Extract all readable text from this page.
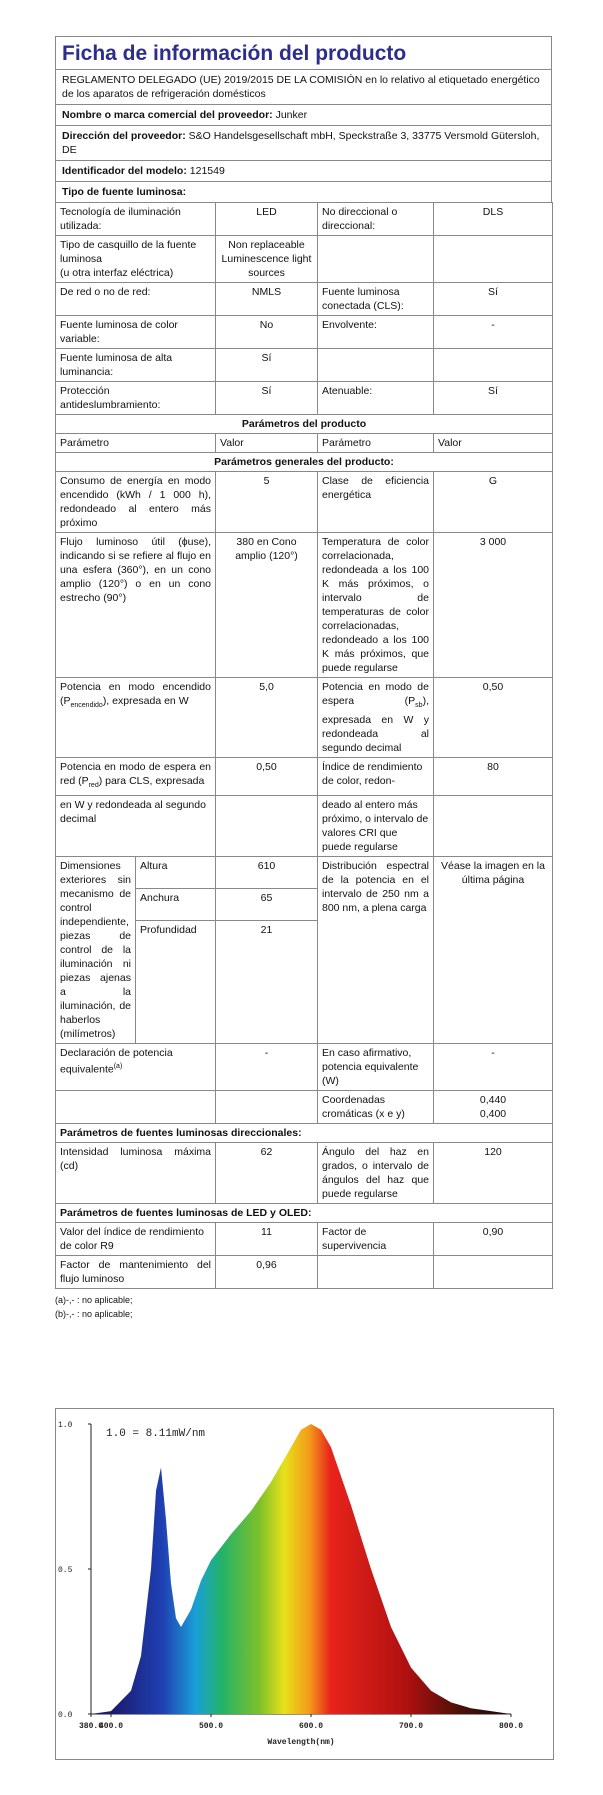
Ficha de información del producto
REGLAMENTO DELEGADO (UE) 2019/2015 DE LA COMISIÓN en lo relativo al etiquetado energético de los aparatos de refrigeración domésticos
Nombre o marca comercial del proveedor: Junker
Dirección del proveedor: S&O Handelsgesellschaft mbH, Speckstraße 3, 33775 Versmold Gütersloh, DE
Identificador del modelo: 121549
Tipo de fuente luminosa:
Tecnología de iluminación utilizada:		LED	No direccional o direccional:	DLS

Tipo de casquillo de la fuente luminosa
(u otra interfaz eléctrica)		Non replaceable Luminescence light sources		
De red o no de red:		NMLS	Fuente luminosa conectada (CLS):	Sí
Fuente luminosa de color variable:		No	Envolvente:	-
Fuente luminosa de alta luminancia:		Sí		
Protección antideslumbramiento:		Sí	Atenuable:	Sí
Parámetros del producto				
Parámetro		Valor	Parámetro	Valor
Parámetros generales del producto:				
Consumo de energía en modo encendido (kWh / 1 000 h), redondeado al entero más próximo		5	Clase de eficiencia energética	G
Flujo luminoso útil (ϕuse), indicando si se refiere al flujo en una esfera (360°), en un cono amplio (120°) o en un cono estrecho (90°)		380 en Cono amplio (120°)	Temperatura de color correlacionada, redondeada a los 100 K más próximos, o intervalo de temperaturas de color correlacionadas, redondeado a los 100 K más próximos, que puede regularse	3 000
Potencia en modo encendido $(P_{encendido})$, expresada en W		5,0	Potencia en modo de espera $(P_{sb})$, expresada en W y redondeada al segundo decimal	0,50
Potencia en modo de espera en red $(P_{red})$ para CLS, expresada		0,50	Índice de rendimiento de color, redon-	80
en W y redondeada al segundo decimal			deado al entero más próximo, o intervalo de valores CRI que puede regularse	
Dimensiones exteriores sin mecanismo de control independiente, piezas de control de la iluminación ni piezas ajenas a la iluminación, de haberlos (milímetros)	Altura	610	Distribución espectral de la potencia en el intervalo de 250 nm a 800 nm, a plena carga	Véase la imagen en la última página
	Anchura	65		
	Profundidad	21		
Declaración de potencia equivalente$^{(a)}$		-	En caso afirmativo, potencia equivalente (W)	-
			Coordenadas cromáticas (x e y)	0,440
0,400

Parámetros de fuentes luminosas direccionales:				
Intensidad luminosa máxima (cd)		62	Ángulo del haz en grados, o intervalo de ángulos del haz que puede regularse	120
Parámetros de fuentes luminosas de LED y OLED:				
Valor del índice de rendimiento de color R9		11	Factor de supervivencia	0,90
Factor de mantenimiento del flujo luminoso		0,96		
(a)-,- : no aplicable;
(b)-,- : no aplicable;
1.0
0.5
0.0
380.0
400.0	500.0	600.0	700.0	800.0
Wavelength(nm)
1.0 = 8.11mW/nm
